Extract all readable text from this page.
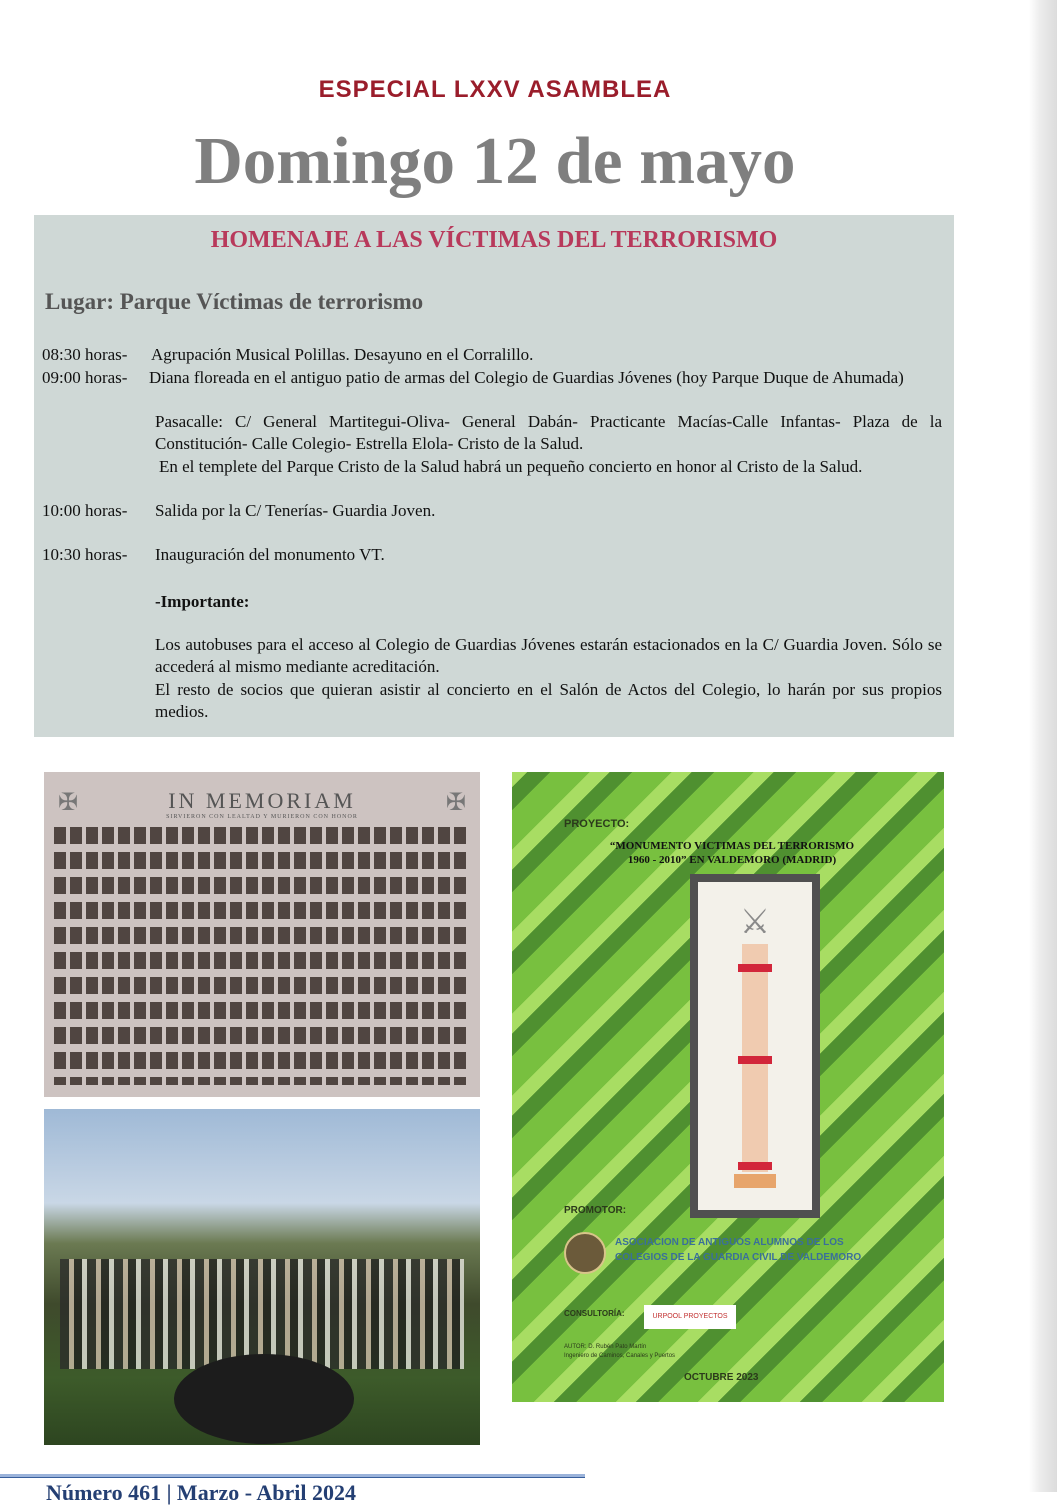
ESPECIAL LXXV ASAMBLEA
Domingo 12 de mayo
HOMENAJE A LAS VÍCTIMAS DEL TERRORISMO
Lugar: Parque Víctimas de terrorismo
08:30 horas- Agrupación Musical Polillas. Desayuno en el Corralillo.
09:00 horas- Diana floreada en el antiguo patio de armas del Colegio de Guardias Jóvenes (hoy Parque Duque de Ahumada)
Pasacalle: C/ General Martitegui-Oliva- General Dabán- Practicante Macías-Calle Infantas- Plaza de la Constitución- Calle Colegio- Estrella Elola- Cristo de la Salud.
En el templete del Parque Cristo de la Salud habrá un pequeño concierto en honor al Cristo de la Salud.
10:00 horas- Salida por la C/ Tenerías- Guardia Joven.
10:30 horas- Inauguración del monumento VT.
-Importante:
Los autobuses para el acceso al Colegio de Guardias Jóvenes estarán estacionados en la C/ Guardia Joven. Sólo se accederá al mismo mediante acreditación.
El resto de socios que quieran asistir al concierto en el Salón de Actos del Colegio, lo harán por sus propios medios.
✠	✠
IN MEMORIAM
SIRVIERON CON LEALTAD Y MURIERON CON HONOR
PROYECTO:
“MONUMENTO VICTIMAS DEL TERRORISMO
1960 - 2010” EN VALDEMORO (MADRID)
⚔
PROMOTOR:
ASOCIACION DE ANTIGUOS ALUMNOS DE LOS
COLEGIOS DE LA GUARDIA CIVIL DE VALDEMORO
CONSULTORÍA:	URPOOL PROYECTOS
AUTOR: D. Rubén Pato Martín
Ingeniero de Caminos, Canales y Puertos
OCTUBRE 2023
Número 461 | Marzo - Abril 2024
